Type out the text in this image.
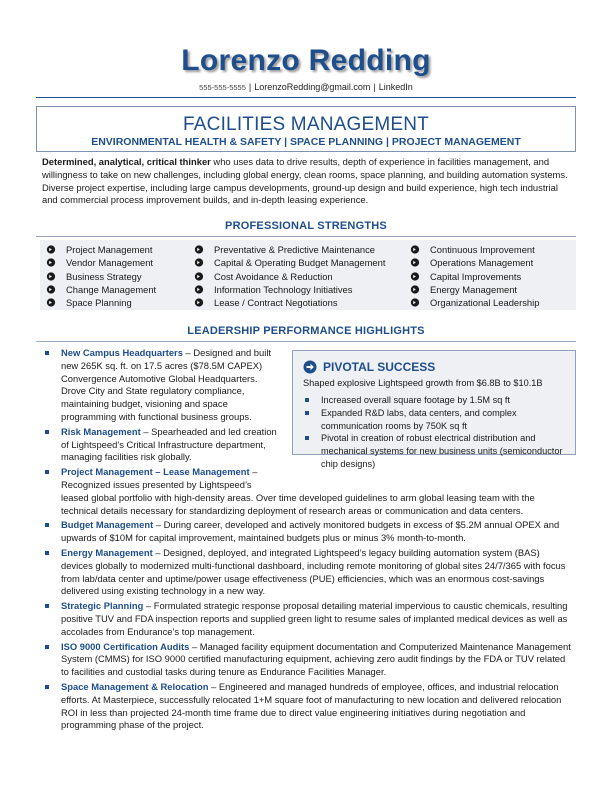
Lorenzo Redding
555-555-5555 | LorenzoRedding@gmail.com | LinkedIn
FACILITIES MANAGEMENT
ENVIRONMENTAL HEALTH & SAFETY | SPACE PLANNING | PROJECT MANAGEMENT
Determined, analytical, critical thinker who uses data to drive results, depth of experience in facilities management, and willingness to take on new challenges, including global energy, clean rooms, space planning, and building automation systems. Diverse project expertise, including large campus developments, ground-up design and build experience, high tech industrial and commercial process improvement builds, and in-depth leasing experience.
PROFESSIONAL STRENGTHS
Project Management
Vendor Management
Business Strategy
Change Management
Space Planning
Preventative & Predictive Maintenance
Capital & Operating Budget Management
Cost Avoidance & Reduction
Information Technology Initiatives
Lease / Contract Negotiations
Continuous Improvement
Operations Management
Capital Improvements
Energy Management
Organizational Leadership
LEADERSHIP PERFORMANCE HIGHLIGHTS
PIVOTAL SUCCESS
Shaped explosive Lightspeed growth from $6.8B to $10.1B
Increased overall square footage by 1.5M sq ft
Expanded R&D labs, data centers, and complex communication rooms by 750K sq ft
Pivotal in creation of robust electrical distribution and mechanical systems for new business units (semiconductor chip designs)
New Campus Headquarters – Designed and built new 265K sq. ft. on 17.5 acres ($78.5M CAPEX) Convergence Automotive Global Headquarters. Drove City and State regulatory compliance, maintaining budget, visioning and space programming with functional business groups.
Risk Management – Spearheaded and led creation of Lightspeed’s Critical Infrastructure department, managing facilities risk globally.
Project Management – Lease Management – Recognized issues presented by Lightspeed’s leased global portfolio with high-density areas. Over time developed guidelines to arm global leasing team with the technical details necessary for standardizing deployment of research areas or communication and data centers.
Budget Management – During career, developed and actively monitored budgets in excess of $5.2M annual OPEX and upwards of $10M for capital improvement, maintained budgets plus or minus 3% month-to-month.
Energy Management – Designed, deployed, and integrated Lightspeed’s legacy building automation system (BAS) devices globally to modernized multi-functional dashboard, including remote monitoring of global sites 24/7/365 with focus from lab/data center and uptime/power usage effectiveness (PUE) efficiencies, which was an enormous cost-savings delivered using existing technology in a new way.
Strategic Planning – Formulated strategic response proposal detailing material impervious to caustic chemicals, resulting positive TUV and FDA inspection reports and supplied green light to resume sales of implanted medical devices as well as accolades from Endurance’s top management.
ISO 9000 Certification Audits – Managed facility equipment documentation and Computerized Maintenance Management System (CMMS) for ISO 9000 certified manufacturing equipment, achieving zero audit findings by the FDA or TUV related to facilities and custodial tasks during tenure as Endurance Facilities Manager.
Space Management & Relocation – Engineered and managed hundreds of employee, offices, and industrial relocation efforts. At Masterpiece, successfully relocated 1+M square foot of manufacturing to new location and delivered relocation ROI in less than projected 24-month time frame due to direct value engineering initiatives during negotiation and programming phase of the project.
